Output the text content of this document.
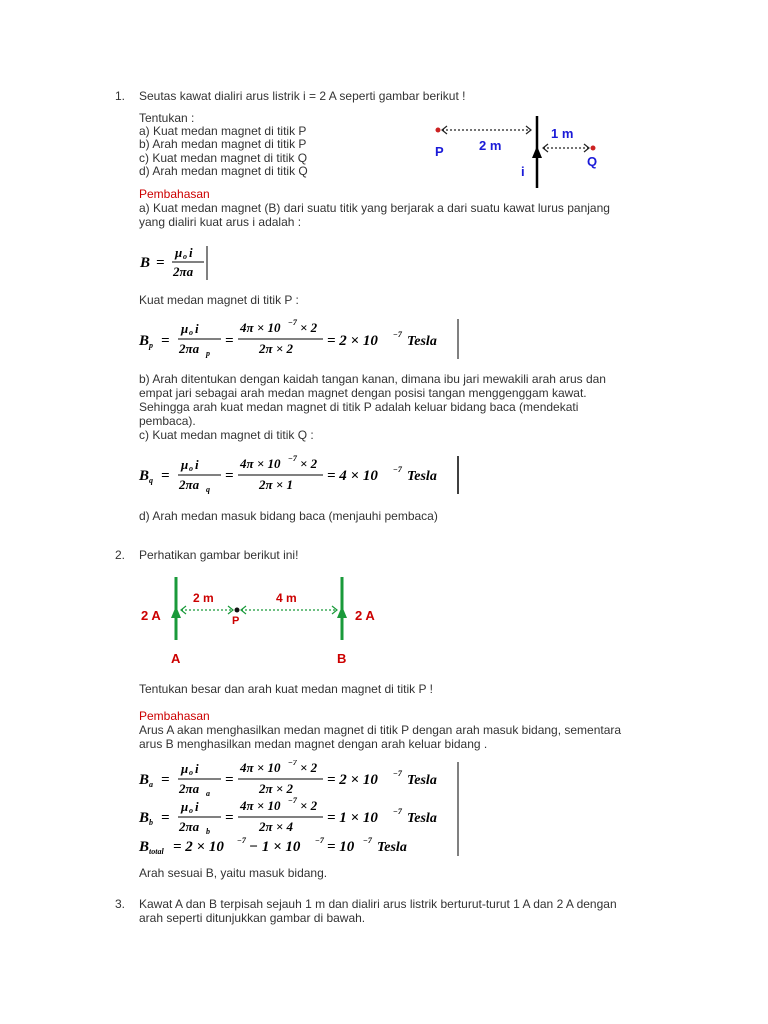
1. Seutas kawat dialiri arus listrik i = 2 A seperti gambar berikut !
Tentukan :
a) Kuat medan magnet di titik P
b) Arah medan magnet di titik P
c) Kuat medan magnet di titik Q
d) Arah medan magnet di titik Q
P	2 m
1 m
Q
i
Pembahasan
a) Kuat medan magnet (B) dari suatu titik yang berjarak a dari suatu kawat lurus panjang
yang dialiri kuat arus i adalah :
B =
μ o i
2πa
Kuat medan magnet di titik P :
B p =
μ o i
2πa p
=
4π × 10 −7 × 2
2π × 2 = 2 × 10 −7 Tesla
b) Arah ditentukan dengan kaidah tangan kanan, dimana ibu jari mewakili arah arus dan
empat jari sebagai arah medan magnet dengan posisi tangan menggenggam kawat.
Sehingga arah kuat medan magnet di titik P adalah keluar bidang baca (mendekati
pembaca).
c) Kuat medan magnet di titik Q :
B q =
μ o i
2πa q
=
4π × 10 −7 × 2
2π × 1
= 4 × 10 −7 Tesla
d) Arah medan masuk bidang baca (menjauhi pembaca)
2. Perhatikan gambar berikut ini!
2 A	2 A
2 m	4 m
P
A	B
Tentukan besar dan arah kuat medan magnet di titik P !
Pembahasan
Arus A akan menghasilkan medan magnet di titik P dengan arah masuk bidang, sementara
arus B menghasilkan medan magnet dengan arah keluar bidang .
B a =
μ o i
2πa a
=
4π × 10 −7 × 2
2π × 2
= 2 × 10 −7 Tesla
B b =
μ o i
2πa b
=
4π × 10 −7 × 2
2π × 4
= 1 × 10 −7 Tesla
B total = 2 × 10 −7 − 1 × 10 −7 = 10 −7 Tesla
Arah sesuai B, yaitu masuk bidang.
3. Kawat A dan B terpisah sejauh 1 m dan dialiri arus listrik berturut-turut 1 A dan 2 A dengan
arah seperti ditunjukkan gambar di bawah.
